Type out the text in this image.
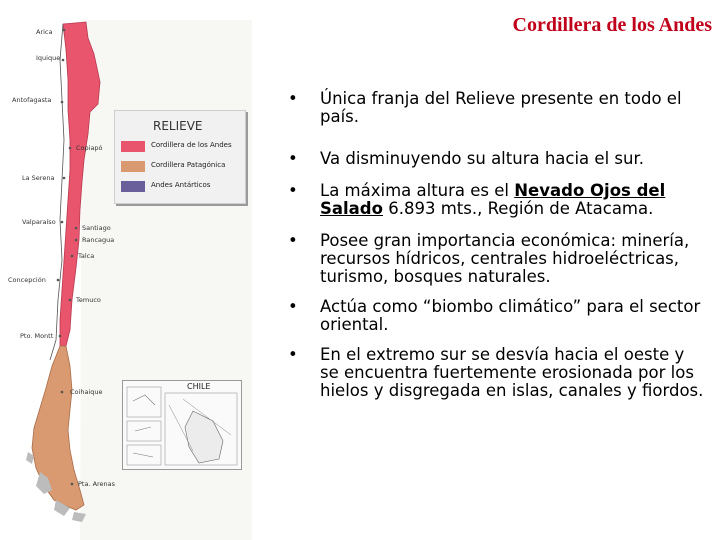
Arica
Iquique
Antofagasta
Copiapó
La Serena
Valparaíso
Santiago
Rancagua
Talca
Concepción
Temuco
Pto. Montt
Coihaique
Pta. Arenas
RELIEVE
Cordillera de los Andes
Cordillera Patagónica
Andes Antárticos
CHILE
Cordillera de los Andes
• Única franja del Relieve presente en todo el país.
• Va disminuyendo su altura hacia el sur.
• La máxima altura es el Nevado Ojos del Salado 6.893 mts., Región de Atacama.
• Posee gran importancia económica: minería, recursos hídricos, centrales hidroeléctricas, turismo, bosques naturales.
• Actúa como “biombo climático” para el sector oriental.
• En el extremo sur se desvía hacia el oeste y se encuentra fuertemente erosionada por los hielos y disgregada en islas, canales y fiordos.
